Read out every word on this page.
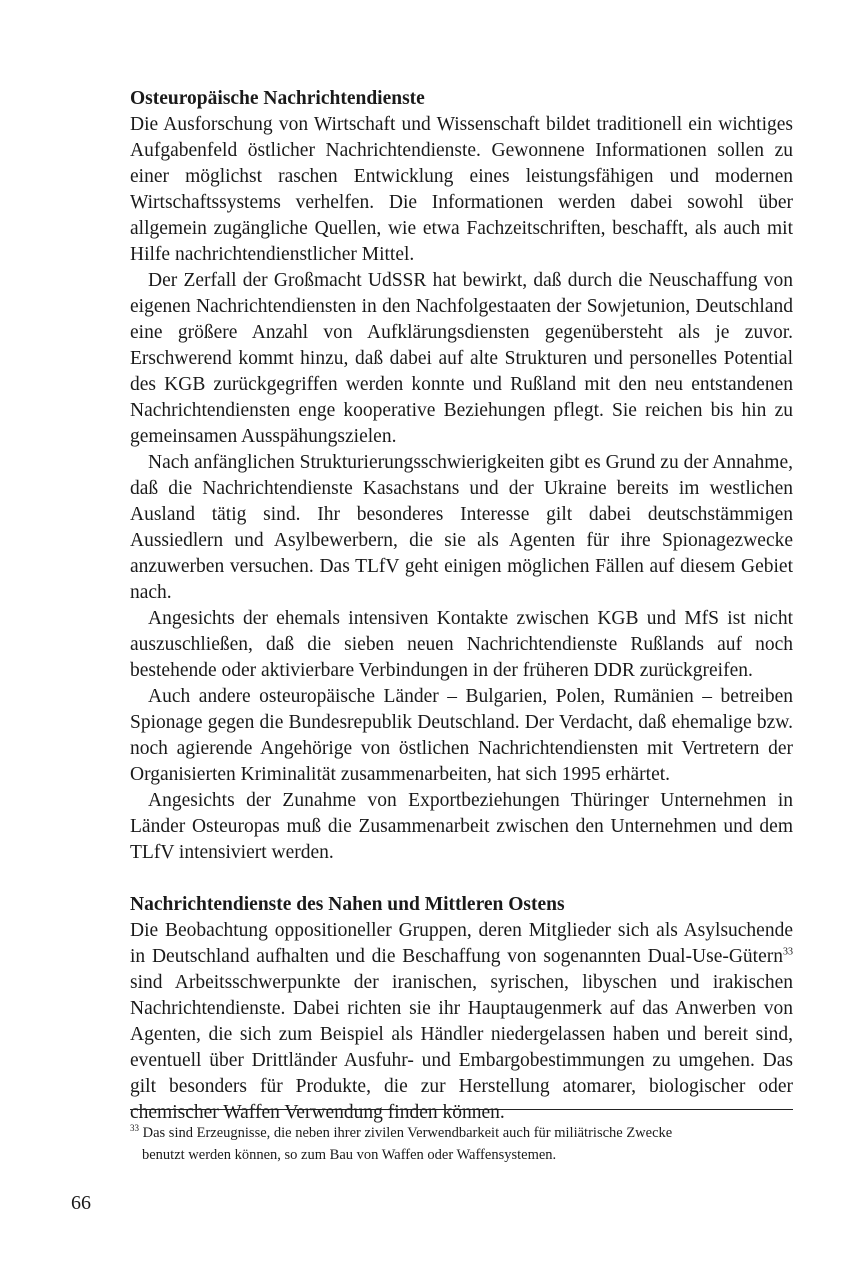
Osteuropäische Nachrichtendienste

Die Ausforschung von Wirtschaft und Wissenschaft bildet traditionell ein wichtiges Aufgabenfeld östlicher Nachrichtendienste. Gewonnene Informationen sollen zu einer möglichst raschen Entwicklung eines leistungsfähigen und modernen Wirtschaftssystems verhelfen. Die Informationen werden dabei sowohl über allgemein zugängliche Quellen, wie etwa Fachzeitschriften, beschafft, als auch mit Hilfe nachrichtendienstlicher Mittel.

Der Zerfall der Großmacht UdSSR hat bewirkt, daß durch die Neuschaffung von eigenen Nachrichtendiensten in den Nachfolgestaaten der Sowjetunion, Deutschland eine größere Anzahl von Aufklärungsdiensten gegenübersteht als je zuvor. Erschwerend kommt hinzu, daß dabei auf alte Strukturen und personelles Potential des KGB zurückgegriffen werden konnte und Rußland mit den neu entstandenen Nachrichtendiensten enge kooperative Beziehungen pflegt. Sie reichen bis hin zu gemeinsamen Ausspähungszielen.

Nach anfänglichen Strukturierungsschwierigkeiten gibt es Grund zu der Annahme, daß die Nachrichtendienste Kasachstans und der Ukraine bereits im westlichen Ausland tätig sind. Ihr besonderes Interesse gilt dabei deutschstämmigen Aussiedlern und Asylbewerbern, die sie als Agenten für ihre Spionagezwecke anzuwerben versuchen. Das TLfV geht einigen möglichen Fällen auf diesem Gebiet nach.

Angesichts der ehemals intensiven Kontakte zwischen KGB und MfS ist nicht auszuschließen, daß die sieben neuen Nachrichtendienste Rußlands auf noch bestehende oder aktivierbare Verbindungen in der früheren DDR zurückgreifen.

Auch andere osteuropäische Länder – Bulgarien, Polen, Rumänien – betreiben Spionage gegen die Bundesrepublik Deutschland. Der Verdacht, daß ehemalige bzw. noch agierende Angehörige von östlichen Nachrichtendiensten mit Vertretern der Organisierten Kriminalität zusammenarbeiten, hat sich 1995 erhärtet.

Angesichts der Zunahme von Exportbeziehungen Thüringer Unternehmen in Länder Osteuropas muß die Zusammenarbeit zwischen den Unternehmen und dem TLfV intensiviert werden.

Nachrichtendienste des Nahen und Mittleren Ostens

Die Beobachtung oppositioneller Gruppen, deren Mitglieder sich als Asylsuchende in Deutschland aufhalten und die Beschaffung von sogenannten Dual-Use-Gütern$^{33}$ sind Arbeitsschwerpunkte der iranischen, syrischen, libyschen und irakischen Nachrichtendienste. Dabei richten sie ihr Hauptaugenmerk auf das Anwerben von Agenten, die sich zum Beispiel als Händler niedergelassen haben und bereit sind, eventuell über Drittländer Ausfuhr- und Embargobestimmungen zu umgehen. Das gilt besonders für Produkte, die zur Herstellung atomarer, biologischer oder chemischer Waffen Verwendung finden können.

$^{33}$ Das sind Erzeugnisse, die neben ihrer zivilen Verwendbarkeit auch für miliätrische Zwecke
benutzt werden können, so zum Bau von Waffen oder Waffensystemen.

66
